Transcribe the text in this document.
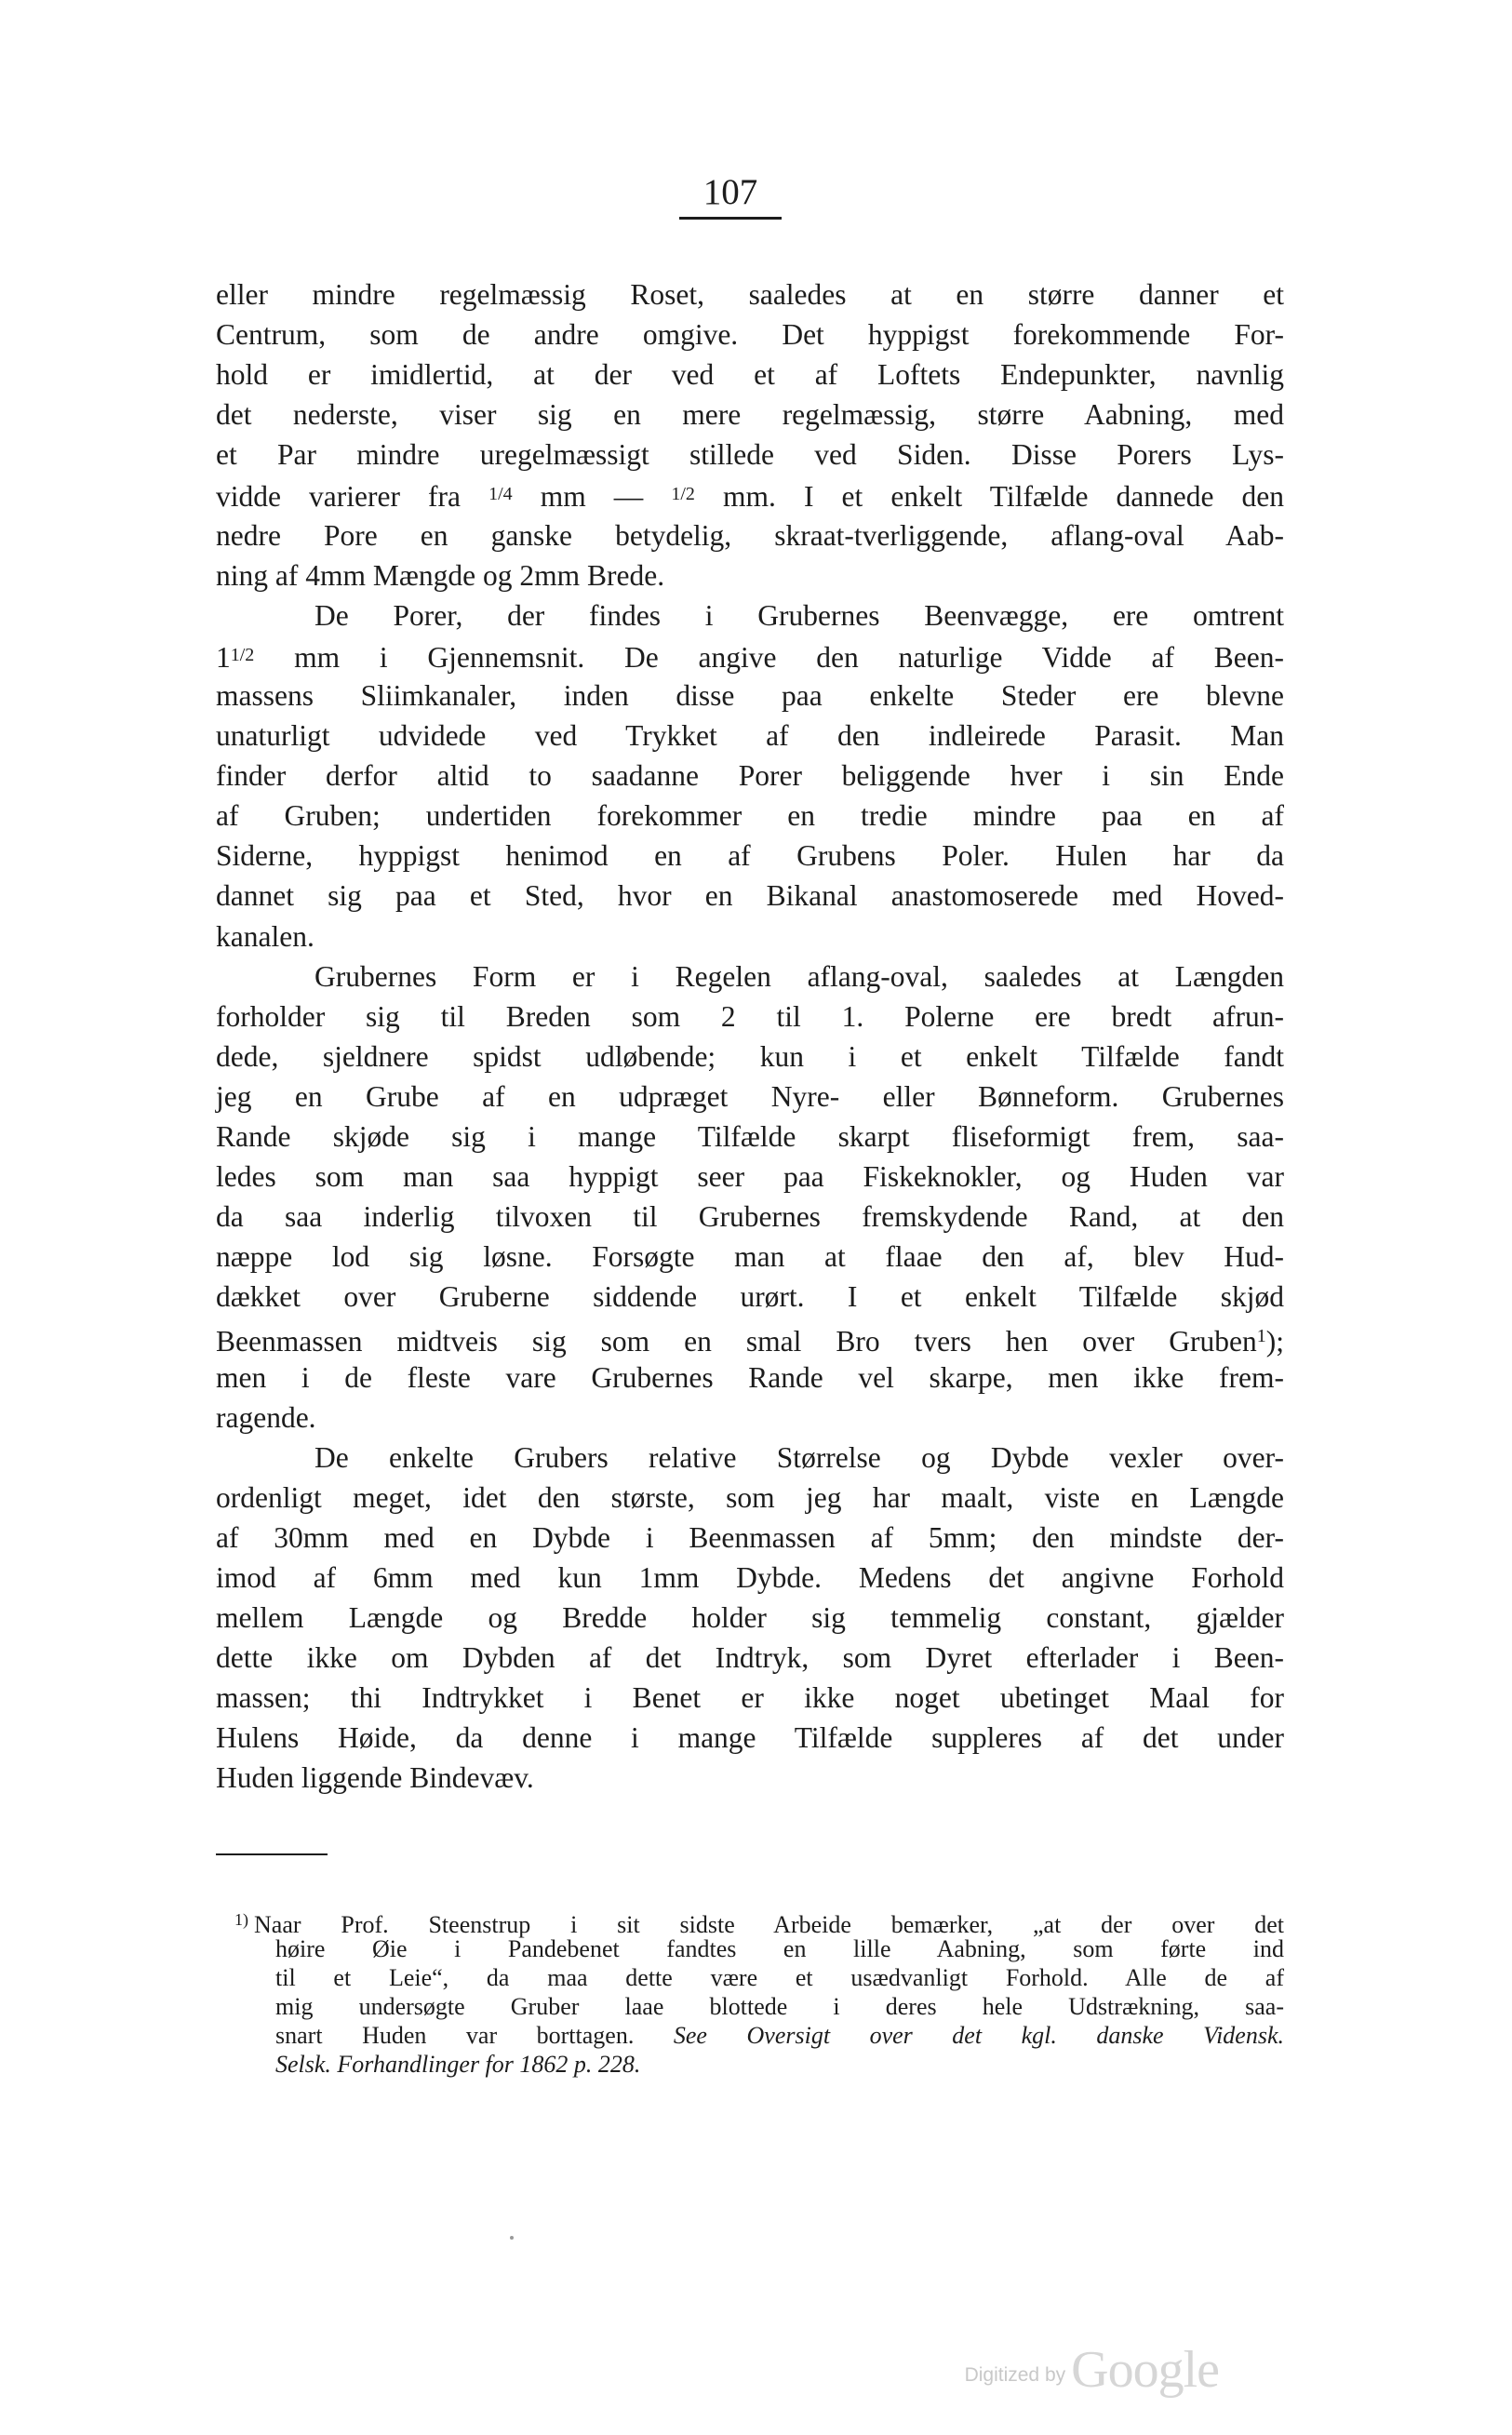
107
eller mindre regelmæssig Roset, saaledes at en større danner et
Centrum, som de andre omgive. Det hyppigst forekommende For-
hold er imidlertid, at der ved et af Loftets Endepunkter, navnlig
det nederste, viser sig en mere regelmæssig, større Aabning, med
et Par mindre uregelmæssigt stillede ved Siden. Disse Porers Lys-
vidde varierer fra $^{1/4}$ mm — $^{1/2}$ mm. I et enkelt Tilfælde dannede den
nedre Pore en ganske betydelig, skraat-tverliggende, aflang-oval Aab-
ning af 4mm Mængde og 2mm Brede.
De Porer, der findes i Grubernes Beenvægge, ere omtrent
$1^{1/2}$ mm i Gjennemsnit. De angive den naturlige Vidde af Been-
massens Sliimkanaler, inden disse paa enkelte Steder ere blevne
unaturligt udvidede ved Trykket af den indleirede Parasit. Man
finder derfor altid to saadanne Porer beliggende hver i sin Ende
af Gruben; undertiden forekommer en tredie mindre paa en af
Siderne, hyppigst henimod en af Grubens Poler. Hulen har da
dannet sig paa et Sted, hvor en Bikanal anastomoserede med Hoved-
kanalen.
Grubernes Form er i Regelen aflang-oval, saaledes at Længden
forholder sig til Breden som 2 til 1. Polerne ere bredt afrun-
dede, sjeldnere spidst udløbende; kun i et enkelt Tilfælde fandt
jeg en Grube af en udpræget Nyre- eller Bønneform. Grubernes
Rande skjøde sig i mange Tilfælde skarpt fliseformigt frem, saa-
ledes som man saa hyppigt seer paa Fiskeknokler, og Huden var
da saa inderlig tilvoxen til Grubernes fremskydende Rand, at den
næppe lod sig løsne. Forsøgte man at flaae den af, blev Hud-
dækket over Gruberne siddende urørt. I et enkelt Tilfælde skjød
Beenmassen midtveis sig som en smal Bro tvers hen over Gruben$^1$);
men i de fleste vare Grubernes Rande vel skarpe, men ikke frem-
ragende.
De enkelte Grubers relative Størrelse og Dybde vexler over-
ordenligt meget, idet den største, som jeg har maalt, viste en Længde
af 30mm med en Dybde i Beenmassen af 5mm; den mindste der-
imod af 6mm med kun 1mm Dybde. Medens det angivne Forhold
mellem Længde og Bredde holder sig temmelig constant, gjælder
dette ikke om Dybden af det Indtryk, som Dyret efterlader i Been-
massen; thi Indtrykket i Benet er ikke noget ubetinget Maal for
Hulens Høide, da denne i mange Tilfælde suppleres af det under
Huden liggende Bindevæv.
$^{1)}$ Naar Prof. Steenstrup i sit sidste Arbeide bemærker, „at der over det
høire Øie i Pandebenet fandtes en lille Aabning, som førte ind
til et Leie“, da maa dette være et usædvanligt Forhold. Alle de af
mig undersøgte Gruber laae blottede i deres hele Udstrækning, saa-
snart Huden var borttagen. See Oversigt over det kgl. danske Vidensk.
Selsk. Forhandlinger for 1862 p. 228.
Digitized by Google
